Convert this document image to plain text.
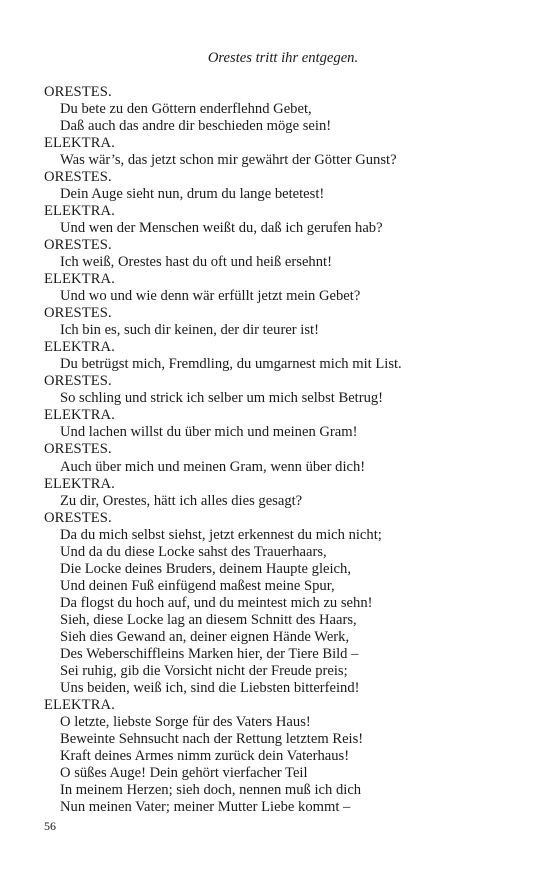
Orestes tritt ihr entgegen.
ORESTES.
Du bete zu den Göttern enderflehnd Gebet,
Daß auch das andre dir beschieden möge sein!
ELEKTRA.
Was wär’s, das jetzt schon mir gewährt der Götter Gunst?
ORESTES.
Dein Auge sieht nun, drum du lange betetest!
ELEKTRA.
Und wen der Menschen weißt du, daß ich gerufen hab?
ORESTES.
Ich weiß, Orestes hast du oft und heiß ersehnt!
ELEKTRA.
Und wo und wie denn wär erfüllt jetzt mein Gebet?
ORESTES.
Ich bin es, such dir keinen, der dir teurer ist!
ELEKTRA.
Du betrügst mich, Fremdling, du umgarnest mich mit List.
ORESTES.
So schling und strick ich selber um mich selbst Betrug!
ELEKTRA.
Und lachen willst du über mich und meinen Gram!
ORESTES.
Auch über mich und meinen Gram, wenn über dich!
ELEKTRA.
Zu dir, Orestes, hätt ich alles dies gesagt?
ORESTES.
Da du mich selbst siehst, jetzt erkennest du mich nicht;
Und da du diese Locke sahst des Trauerhaars,
Die Locke deines Bruders, deinem Haupte gleich,
Und deinen Fuß einfügend maßest meine Spur,
Da flogst du hoch auf, und du meintest mich zu sehn!
Sieh, diese Locke lag an diesem Schnitt des Haars,
Sieh dies Gewand an, deiner eignen Hände Werk,
Des Weberschiffleins Marken hier, der Tiere Bild –
Sei ruhig, gib die Vorsicht nicht der Freude preis;
Uns beiden, weiß ich, sind die Liebsten bitterfeind!
ELEKTRA.
O letzte, liebste Sorge für des Vaters Haus!
Beweinte Sehnsucht nach der Rettung letztem Reis!
Kraft deines Armes nimm zurück dein Vaterhaus!
O süßes Auge! Dein gehört vierfacher Teil
In meinem Herzen; sieh doch, nennen muß ich dich
Nun meinen Vater; meiner Mutter Liebe kommt –
56
